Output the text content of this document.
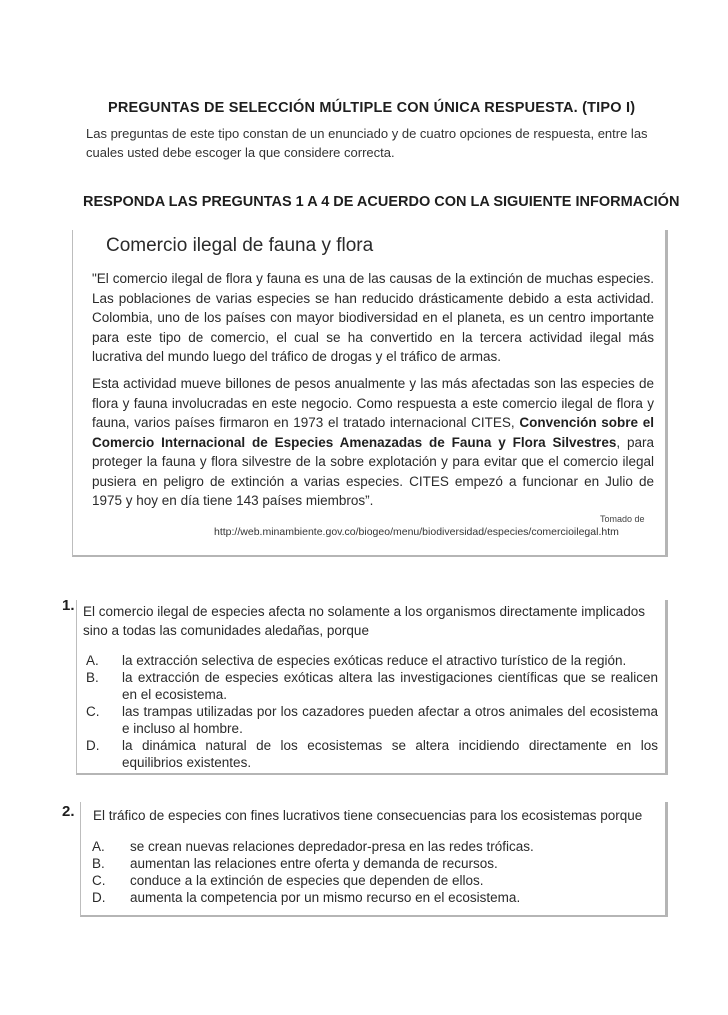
PREGUNTAS DE SELECCIÓN MÚLTIPLE CON ÚNICA RESPUESTA. (TIPO I)
Las preguntas de este tipo constan de un enunciado y de cuatro opciones de respuesta, entre las cuales usted debe escoger la que considere correcta.
RESPONDA LAS PREGUNTAS 1 A 4 DE ACUERDO CON LA SIGUIENTE INFORMACIÓN
Comercio ilegal de fauna y flora
"El comercio ilegal de flora y fauna es una de las causas de la extinción de muchas especies. Las poblaciones de varias especies se han reducido drásticamente debido a esta actividad. Colombia, uno de los países con mayor biodiversidad en el planeta, es un centro importante para este tipo de comercio, el cual se ha convertido en la tercera actividad ilegal más lucrativa del mundo luego del tráfico de drogas y el tráfico de armas.
Esta actividad mueve billones de pesos anualmente y las más afectadas son las especies de flora y fauna involucradas en este negocio. Como respuesta a este comercio ilegal de flora y fauna, varios países firmaron en 1973 el tratado internacional CITES, Convención sobre el Comercio Internacional de Especies Amenazadas de Fauna y Flora Silvestres, para proteger la fauna y flora silvestre de la sobre explotación y para evitar que el comercio ilegal pusiera en peligro de extinción a varias especies. CITES empezó a funcionar en Julio de 1975 y hoy en día tiene 143 países miembros”.
Tomado de
http://web.minambiente.gov.co/biogeo/menu/biodiversidad/especies/comercioilegal.htm
1. El comercio ilegal de especies afecta no solamente a los organismos directamente implicados sino a todas las comunidades aledañas, porque
A. la extracción selectiva de especies exóticas reduce el atractivo turístico de la región.
B. la extracción de especies exóticas altera las investigaciones científicas que se realicen en el ecosistema.
C. las trampas utilizadas por los cazadores pueden afectar a otros animales del ecosistema e incluso al hombre.
D. la dinámica natural de los ecosistemas se altera incidiendo directamente en los equilibrios existentes.
2. El tráfico de especies con fines lucrativos tiene consecuencias para los ecosistemas porque
A. se crean nuevas relaciones depredador-presa en las redes tróficas.
B. aumentan las relaciones entre oferta y demanda de recursos.
C. conduce a la extinción de especies que dependen de ellos.
D. aumenta la competencia por un mismo recurso en el ecosistema.
